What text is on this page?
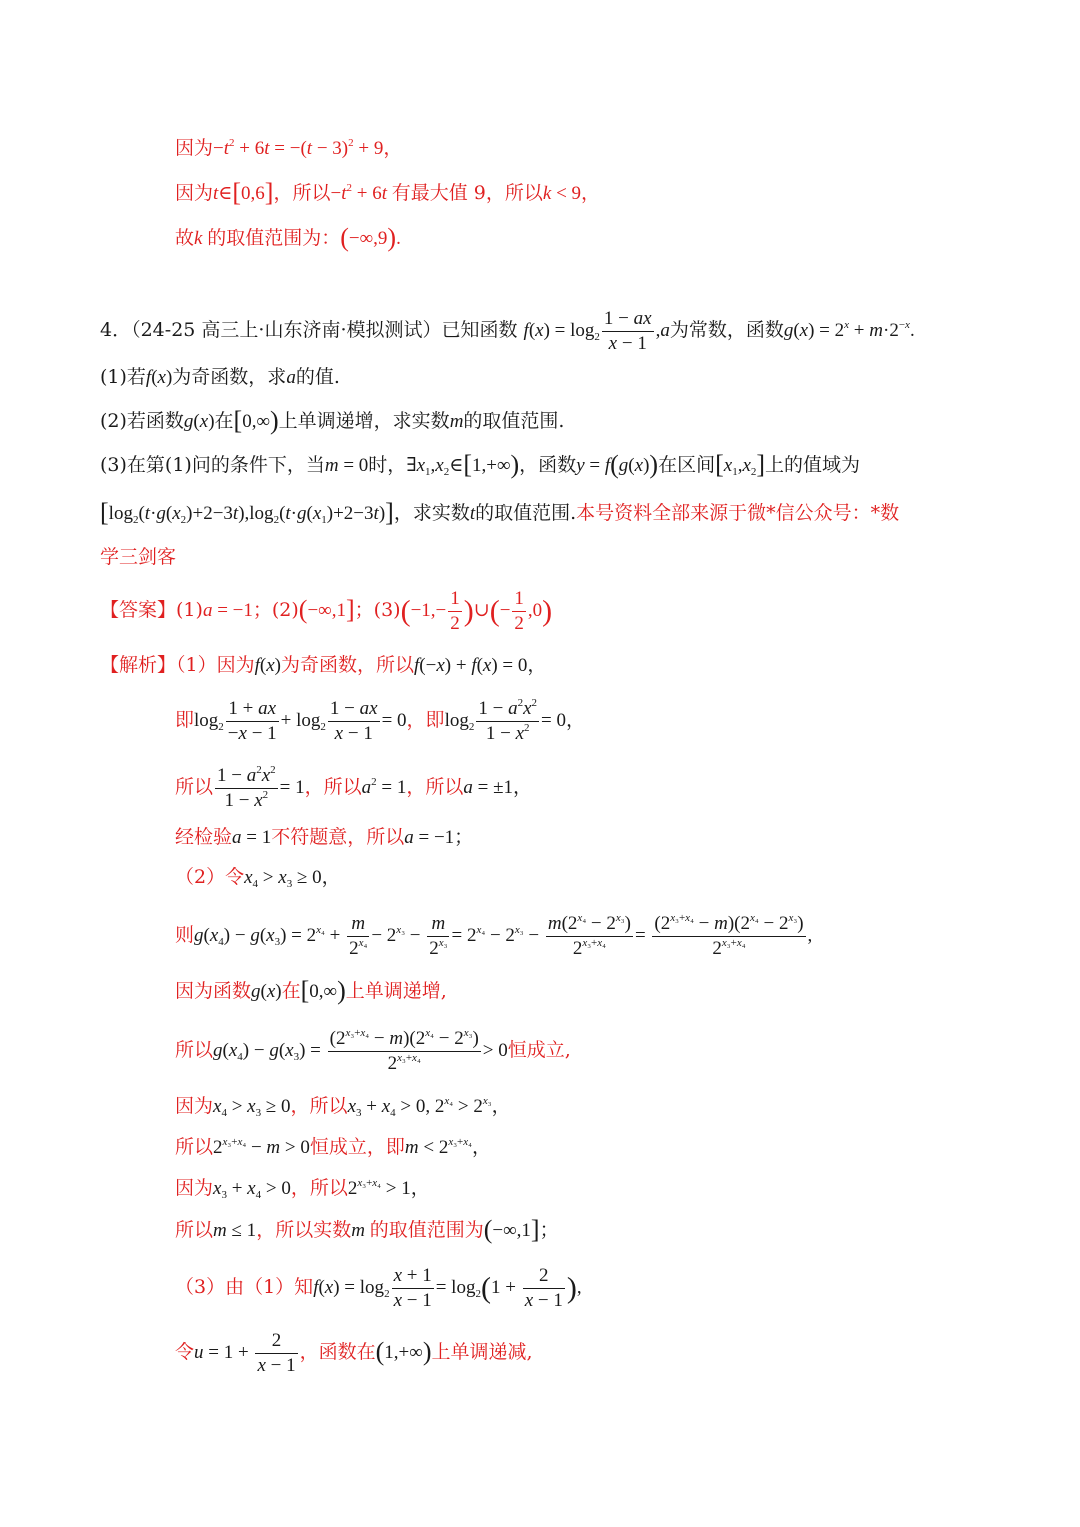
因为$-t^2 + 6t = -(t - 3)^2 + 9$，
因为t∈[0,6]，所以$-t^2 + 6t$ 有最大值 9，所以k < 9，
故k 的取值范围为：(−∞,9).
4．（24-25 高三上·山东济南·模拟测试）已知函数 $f(x) = \log_2 \frac{1 - ax}{x - 1} ,a$为常数，函数$g(x) = 2^x + m\cdot 2^{-x}$.
(1)若f(x)为奇函数，求a的值.
(2)若函数g(x)在[0,∞)上单调递增，求实数m的取值范围.
(3)在第(1)问的条件下，当m = 0时，$\exists x_1,x_2\in[1,+\infty)$，函数y = f(g(x))在区间$[x_1,x_2]$上的值域为
$[\log_2(t\cdot g(x_2)+2-3t),\log_2(t\cdot g(x_1)+2-3t)]$，求实数t的取值范围.本号资料全部来源于微*信公众号：*数
学三剑客
【答案】(1)a = −1；(2)(−∞,1]；$(3)(-1,- \frac{1}{2}$ )∪(− $\frac{1}{2} ,0$)
【解析】（1）因为f(x)为奇函数，所以f(−x) + f(x) = 0，
即$\log_2 \frac{1 + ax}{-x - 1} + \log_2 \frac{1 - ax}{x - 1} = 0$，即$\log_2 \frac{1 - a^2x^2}{1 - x^2} = 0$，
所以 $\frac{1 - a^2x^2}{1 - x^2} = 1$，所以$a^2 = 1$，所以a = ±1，
经检验a = 1不符题意，所以a = −1；
（2）令$x_4 > x_3 \ge 0$，
则$g(x_4) - g(x_3) = 2^{x_4} + \frac{m}{2^{x_4}} - 2^{x_3} - \frac{m}{2^{x_3}} = 2^{x_4} - 2^{x_3} - \frac{m(2^{x_4} - 2^{x_3})}{2^{x_3+x_4}} = \frac{(2^{x_3+x_4} - m)(2^{x_4} - 2^{x_3})}{2^{x_3+x_4}}$ ,
因为函数g(x)在[0,∞)上单调递增,
所以$g(x_4) - g(x_3) = \frac{(2^{x_3+x_4} - m)(2^{x_4} - 2^{x_3})}{2^{x_3+x_4}} > 0$恒成立,
因为$x_4 > x_3 \ge 0$，所以$x_3 + x_4 > 0$, $2^{x_4} > 2^{x_3}$，
所以$2^{x_3+x_4} - m > 0$恒成立，即$m < 2^{x_3+x_4}$，
因为$x_3 + x_4 > 0$，所以$2^{x_3+x_4} > 1$，
所以m ≤ 1，所以实数m 的取值范围为(−∞,1]；
（3）由（1）知$f(x) = \log_2 \frac{x + 1}{x - 1} = \log_2(1 + \frac{2}{x - 1}$ ),
令$u = 1 + \frac{2}{x - 1}$ ，函数在(1,+∞)上单调递减,
